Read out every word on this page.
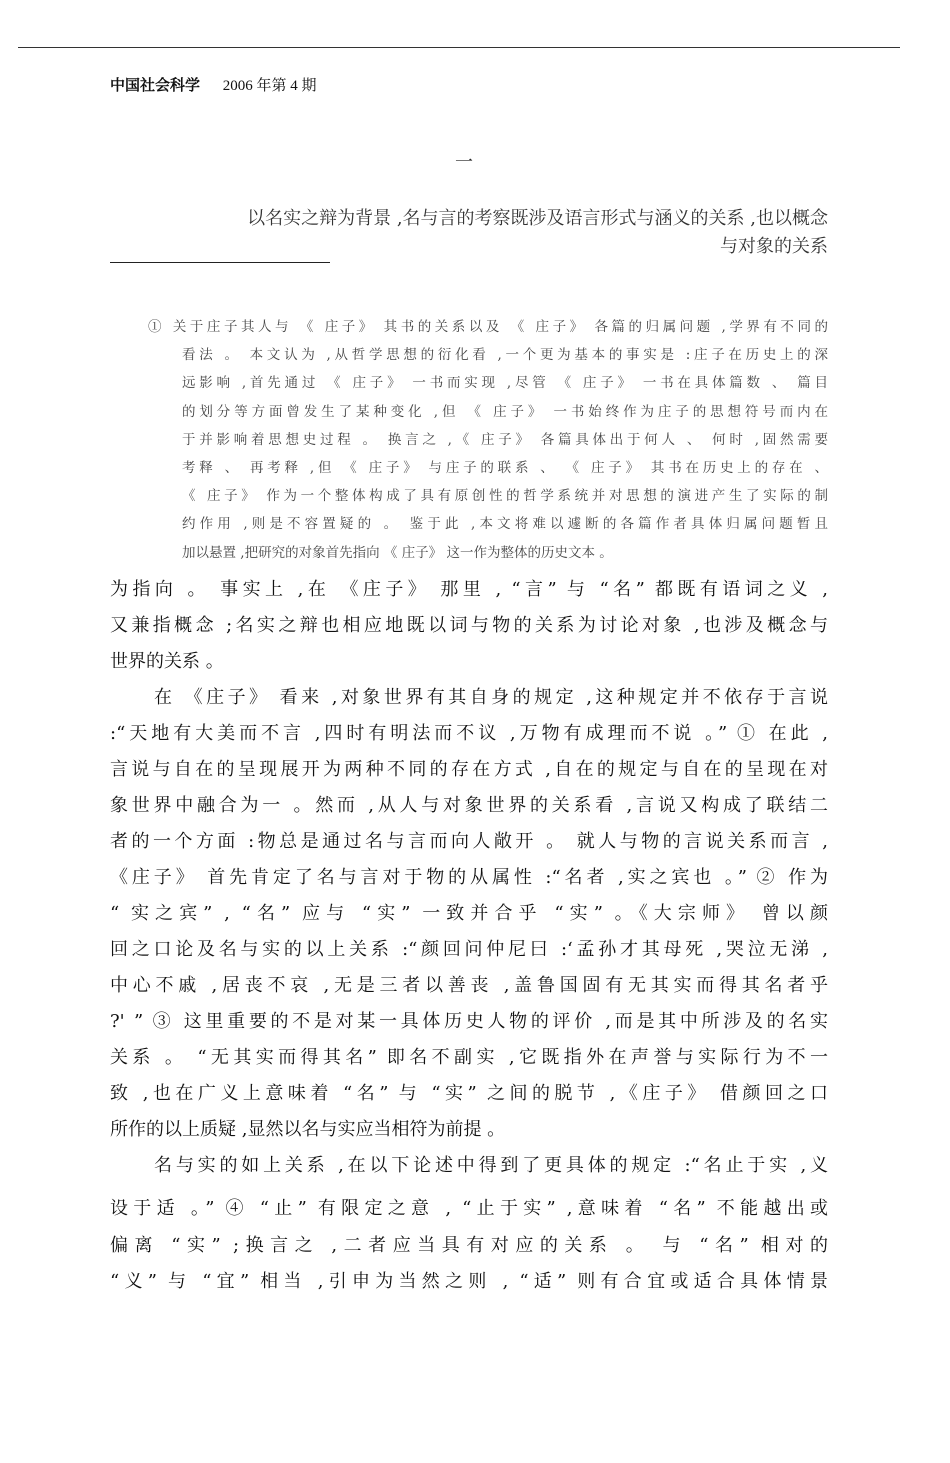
中国社会科学 2006 年第 4 期
一
以名实之辩为背景 ,名与言的考察既涉及语言形式与涵义的关系 ,也以概念
与对象的关系
① 关于庄子其人与 《 庄子》 其书的关系以及 《 庄子》 各篇的归属问题 ,学界有不同的
看法 。 本文认为 ,从哲学思想的衍化看 ,一个更为基本的事实是 :庄子在历史上的深
远影响 ,首先通过 《 庄子》 一书而实现 ,尽管 《 庄子》 一书在具体篇数 、 篇目
的划分等方面曾发生了某种变化 ,但 《 庄子》 一书始终作为庄子的思想符号而内在
于并影响着思想史过程 。 换言之 ,《 庄子》 各篇具体出于何人 、 何时 ,固然需要
考释 、 再考释 ,但 《 庄子》 与庄子的联系 、 《 庄子》 其书在历史上的存在 、
《 庄子》 作为一个整体构成了具有原创性的哲学系统并对思想的演进产生了实际的制
约作用 ,则是不容置疑的 。 鉴于此 ,本文将难以遽断的各篇作者具体归属问题暂且
加以悬置 ,把研究的对象首先指向 《 庄子》 这一作为整体的历史文本 。
为指向 。 事实上 ,在 《庄子》 那里 , “言” 与 “名” 都既有语词之义 ,
又兼指概念 ;名实之辩也相应地既以词与物的关系为讨论对象 ,也涉及概念与
世界的关系 。
在 《庄子》 看来 ,对象世界有其自身的规定 ,这种规定并不依存于言说
:“天地有大美而不言 ,四时有明法而不议 ,万物有成理而不说 。” ① 在此 ,
言说与自在的呈现展开为两种不同的存在方式 ,自在的规定与自在的呈现在对
象世界中融合为一 。然而 ,从人与对象世界的关系看 ,言说又构成了联结二
者的一个方面 :物总是通过名与言而向人敞开 。 就人与物的言说关系而言 ,
《庄子》 首先肯定了名与言对于物的从属性 :“名者 ,实之宾也 。” ② 作为
“ 实之宾” , “名” 应与 “实” 一致并合乎 “实” 。《大宗师》 曾以颜
回之口论及名与实的以上关系 :“颜回问仲尼曰 :‘孟孙才其母死 ,哭泣无涕 ,
中心不戚 ,居丧不哀 ,无是三者以善丧 ,盖鲁国固有无其实而得其名者乎
?' ” ③ 这里重要的不是对某一具体历史人物的评价 ,而是其中所涉及的名实
关系 。 “无其实而得其名” 即名不副实 ,它既指外在声誉与实际行为不一
致 ,也在广义上意味着 “名” 与 “实” 之间的脱节 ,《庄子》 借颜回之口
所作的以上质疑 ,显然以名与实应当相符为前提 。
名与实的如上关系 ,在以下论述中得到了更具体的规定 :“名止于实 ,义
设于适 。” ④ “止” 有限定之意 , “止于实” ,意味着 “名” 不能越出或
偏离 “实” ;换言之 ,二者应当具有对应的关系 。 与 “名” 相对的
“义” 与 “宜” 相当 ,引申为当然之则 , “适” 则有合宜或适合具体情景
